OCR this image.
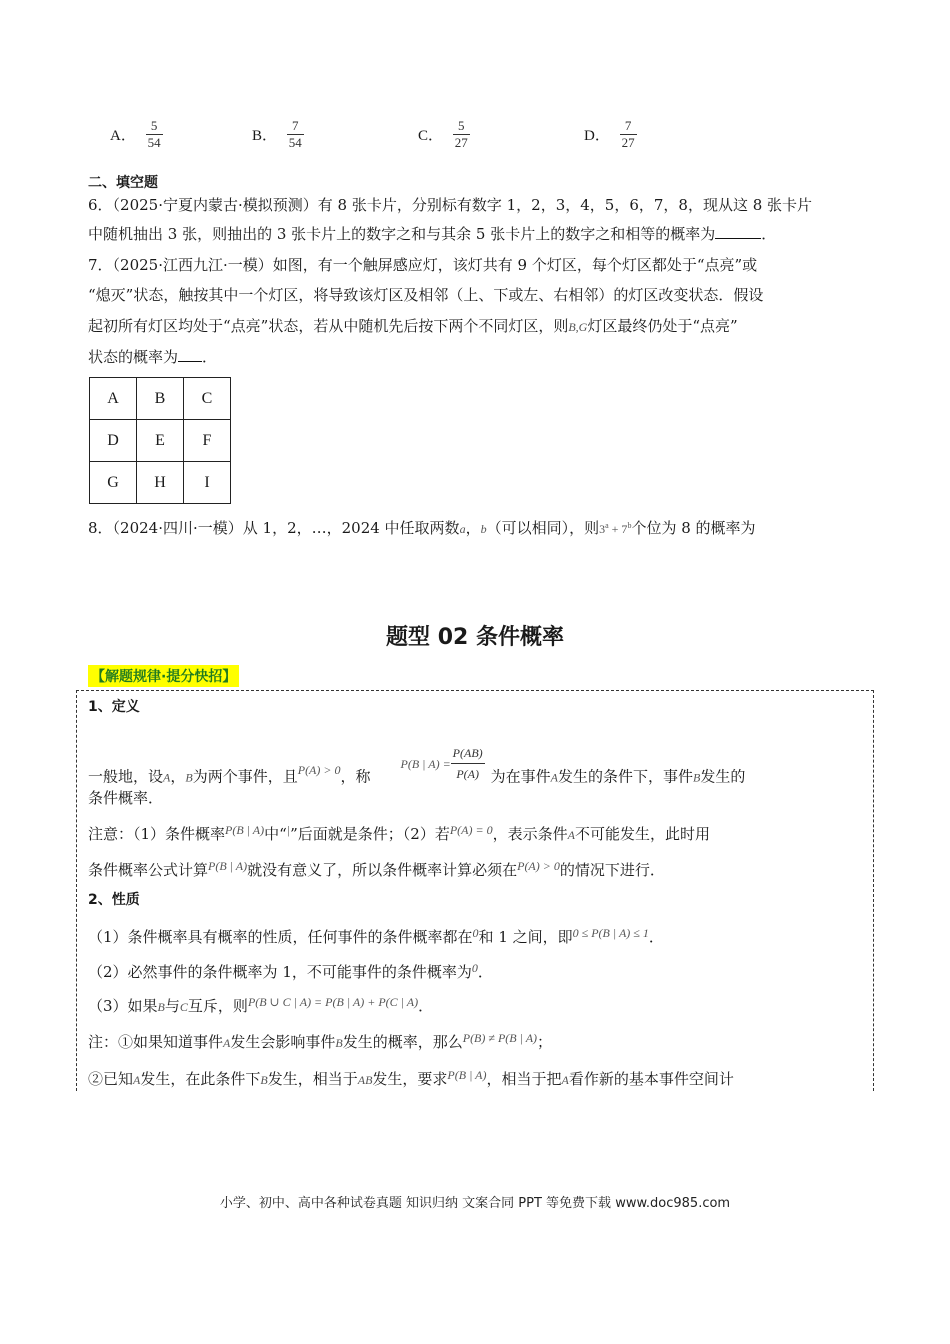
A． $\frac{5}{54}$	B． $\frac{7}{54}$	C． $\frac{5}{27}$	D． $\frac{7}{27}$
二、填空题
6．（2025·宁夏内蒙古·模拟预测）有 8 张卡片，分别标有数字 1，2，3，4，5，6，7，8，现从这 8 张卡片
中随机抽出 3 张，则抽出的 3 张卡片上的数字之和与其余 5 张卡片上的数字之和相等的概率为	．
7．（2025·江西九江·一模）如图，有一个触屏感应灯，该灯共有 9 个灯区，每个灯区都处于“点亮”或
“熄灭”状态，触按其中一个灯区，将导致该灯区及相邻（上、下或左、右相邻）的灯区改变状态．假设
起初所有灯区均处于“点亮”状态，若从中随机先后按下两个不同灯区，则B,G灯区最终仍处于“点亮”
状态的概率为 ．
A	B	C
D	E	F
G	H	I
8．（2024·四川·一模）从 1，2，…，2024 中任取两数a，b（可以相同），则$3^a + 7^b$个位为 8 的概率为
题型 02 条件概率
【解题规律·提分快招】
1、定义
一般地，设A，B为两个事件，且$^{P(A) > 0}$，称$^{P(B | A) =} \frac{P(AB)}{P(A)}$ 为在事件A发生的条件下，事件B发生的
条件概率．
注意：（1）条件概率$^{P(B | A)}$中“|”后面就是条件；（2）若$^{P(A) = 0}$，表示条件A不可能发生，此时用
条件概率公式计算$^{P(B | A)}$就没有意义了，所以条件概率计算必须在$^{P(A) > 0}$的情况下进行．
2、性质
（1）条件概率具有概率的性质，任何事件的条件概率都在$^0$和 1 之间，即$^{0 \le P(B | A) \le 1}$．
（2）必然事件的条件概率为 1，不可能事件的条件概率为$^0$．
（3）如果B与C互斥，则$^{P(B \cup C | A) = P(B | A) + P(C | A)}$．
注：①如果知道事件A发生会影响事件B发生的概率，那么$^{P(B) \ne P(B | A)}$；
②已知A发生，在此条件下B发生，相当于AB发生，要求$^{P(B | A)}$，相当于把A看作新的基本事件空间计
小学、初中、高中各种试卷真题 知识归纳 文案合同 PPT 等免费下载 www.doc985.com
